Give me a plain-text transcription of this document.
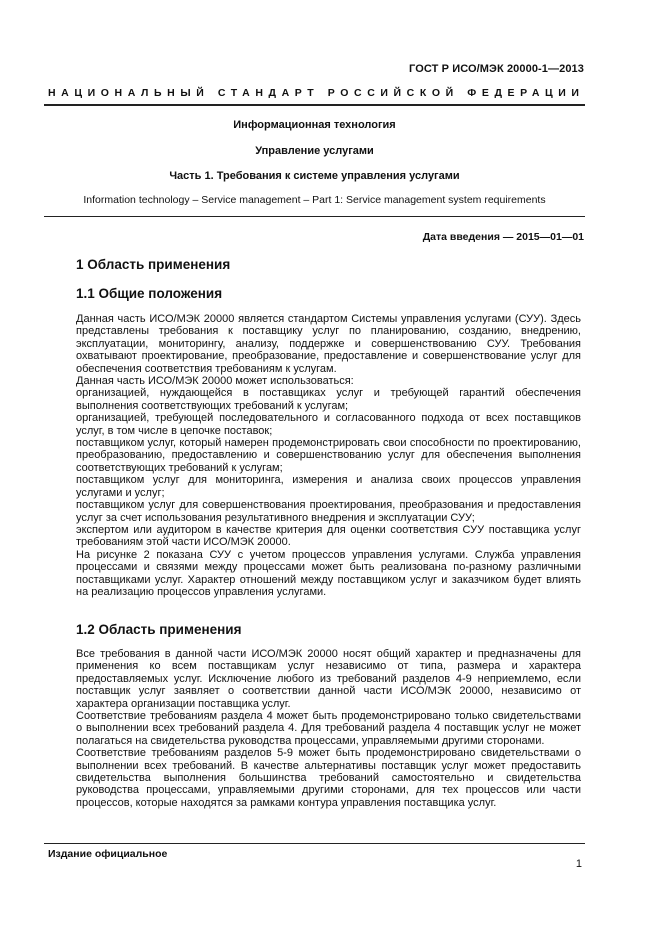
ГОСТ Р ИСО/МЭК 20000-1—2013
НАЦИОНАЛЬНЫЙ СТАНДАРТ РОССИЙСКОЙ ФЕДЕРАЦИИ
Информационная технология
Управление услугами
Часть 1. Требования к системе управления услугами
Information technology – Service management – Part 1: Service management system requirements
Дата введения — 2015—01—01
1 Область применения
1.1 Общие положения

Данная часть ИСО/МЭК 20000 является стандартом Системы управления услугами (СУУ). Здесь представлены требования к поставщику услуг по планированию, созданию, внедрению, эксплуатации, мониторингу, анализу, поддержке и совершенствованию СУУ. Требования охватывают проектирование, преобразование, предоставление и совершенствование услуг для обеспечения соответствия требованиям к услугам.

Данная часть ИСО/МЭК 20000 может использоваться:

организацией, нуждающейся в поставщиках услуг и требующей гарантий обеспечения выполнения соответствующих требований к услугам;

организацией, требующей последовательного и согласованного подхода от всех поставщиков услуг, в том числе в цепочке поставок;

поставщиком услуг, который намерен продемонстрировать свои способности по проектированию, преобразованию, предоставлению и совершенствованию услуг для обеспечения выполнения соответствующих требований к услугам;

поставщиком услуг для мониторинга, измерения и анализа своих процессов управления услугами и услуг;

поставщиком услуг для совершенствования проектирования, преобразования и предоставления услуг за счет использования результативного внедрения и эксплуатации СУУ;

экспертом или аудитором в качестве критерия для оценки соответствия СУУ поставщика услуг требованиям этой части ИСО/МЭК 20000.

На рисунке 2 показана СУУ с учетом процессов управления услугами. Служба управления процессами и связями между процессами может быть реализована по-разному различными поставщиками услуг. Характер отношений между поставщиком услуг и заказчиком будет влиять на реализацию процессов управления услугами.

1.2 Область применения

Все требования в данной части ИСО/МЭК 20000 носят общий характер и предназначены для применения ко всем поставщикам услуг независимо от типа, размера и характера предоставляемых услуг. Исключение любого из требований разделов 4-9 неприемлемо, если поставщик услуг заявляет о соответствии данной части ИСО/МЭК 20000, независимо от характера организации поставщика услуг.

Соответствие требованиям раздела 4 может быть продемонстрировано только свидетельствами о выполнении всех требований раздела 4. Для требований раздела 4 поставщик услуг не может полагаться на свидетельства руководства процессами, управляемыми другими сторонами.

Соответствие требованиям разделов 5-9 может быть продемонстрировано свидетельствами о выполнении всех требований. В качестве альтернативы поставщик услуг может предоставить свидетельства выполнения большинства требований самостоятельно и свидетельства руководства процессами, управляемыми другими сторонами, для тех процессов или части процессов, которые находятся за рамками контура управления поставщика услуг.

Издание официальное
1
